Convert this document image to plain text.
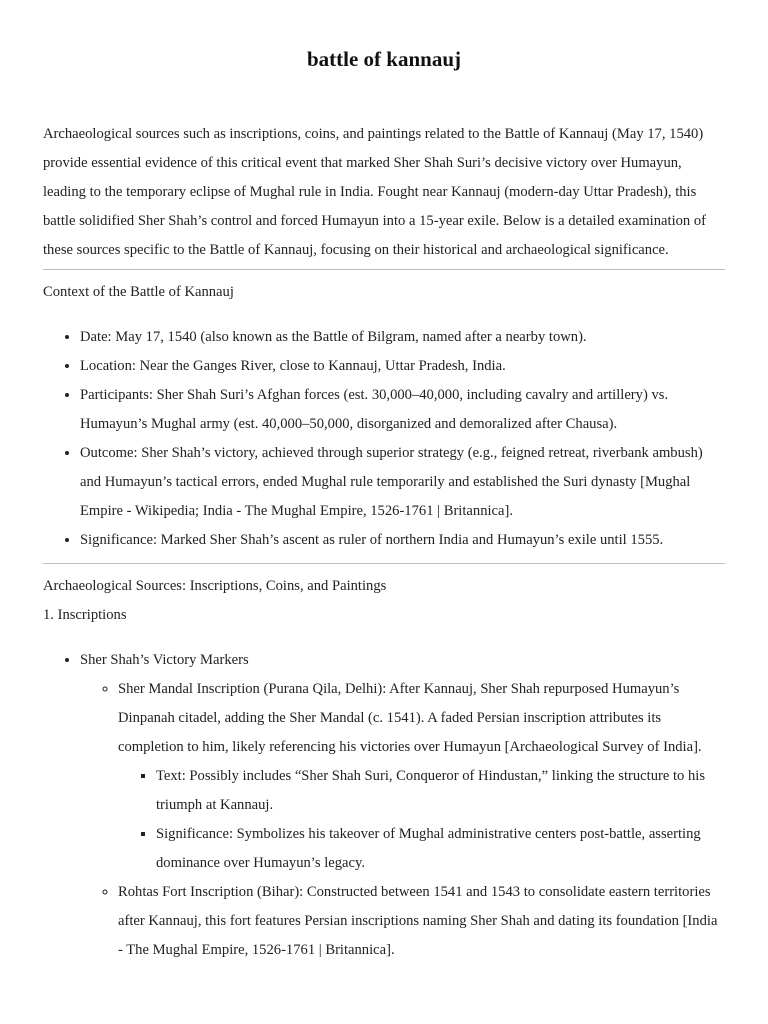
battle of kannauj

Archaeological sources such as inscriptions, coins, and paintings related to the Battle of Kannauj (May 17, 1540) provide essential evidence of this critical event that marked Sher Shah Suri’s decisive victory over Humayun, leading to the temporary eclipse of Mughal rule in India. Fought near Kannauj (modern-day Uttar Pradesh), this battle solidified Sher Shah’s control and forced Humayun into a 15-year exile. Below is a detailed examination of these sources specific to the Battle of Kannauj, focusing on their historical and archaeological significance.

Context of the Battle of Kannauj

• Date: May 17, 1540 (also known as the Battle of Bilgram, named after a nearby town).
• Location: Near the Ganges River, close to Kannauj, Uttar Pradesh, India.
• Participants: Sher Shah Suri’s Afghan forces (est. 30,000–40,000, including cavalry and artillery) vs. Humayun’s Mughal army (est. 40,000–50,000, disorganized and demoralized after Chausa).
• Outcome: Sher Shah’s victory, achieved through superior strategy (e.g., feigned retreat, riverbank ambush) and Humayun’s tactical errors, ended Mughal rule temporarily and established the Suri dynasty [Mughal Empire - Wikipedia; India - The Mughal Empire, 1526-1761 | Britannica].
• Significance: Marked Sher Shah’s ascent as ruler of northern India and Humayun’s exile until 1555.

Archaeological Sources: Inscriptions, Coins, and Paintings

1. Inscriptions

• Sher Shah’s Victory Markers
◦ Sher Mandal Inscription (Purana Qila, Delhi): After Kannauj, Sher Shah repurposed Humayun’s Dinpanah citadel, adding the Sher Mandal (c. 1541). A faded Persian inscription attributes its completion to him, likely referencing his victories over Humayun [Archaeological Survey of India].
▪ Text: Possibly includes “Sher Shah Suri, Conqueror of Hindustan,” linking the structure to his triumph at Kannauj.
▪ Significance: Symbolizes his takeover of Mughal administrative centers post-battle, asserting dominance over Humayun’s legacy.
◦ Rohtas Fort Inscription (Bihar): Constructed between 1541 and 1543 to consolidate eastern territories after Kannauj, this fort features Persian inscriptions naming Sher Shah and dating its foundation [India - The Mughal Empire, 1526-1761 | Britannica].
